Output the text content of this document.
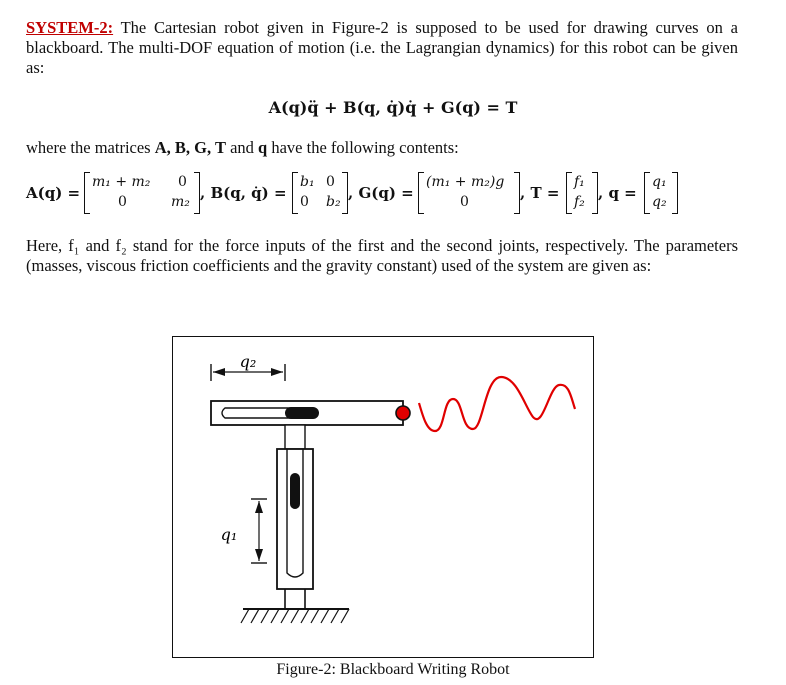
SYSTEM-2: The Cartesian robot given in Figure-2 is supposed to be used for drawing curves on a blackboard. The multi-DOF equation of motion (i.e. the Lagrangian dynamics) for this robot can be given as:
A(q)q̈ + B(q, q̇)q̇ + G(q) = T
where the matrices A, B, G, T and q have the following contents:
A(q) =
m₁ + m₂ 0
0	m₂ , B(q, q̇) =
b₁ 0
0 b₂ , G(q) =
(m₁ + m₂)g
0	, T =
f₁
f₂ , q =
q₁
q₂
Here, f₁ and f₂ stand for the force inputs of the first and the second joints, respectively. The parameters (masses, viscous friction coefficients and the gravity constant) used of the system are given as:
q₂
q₁
Figure-2: Blackboard Writing Robot
